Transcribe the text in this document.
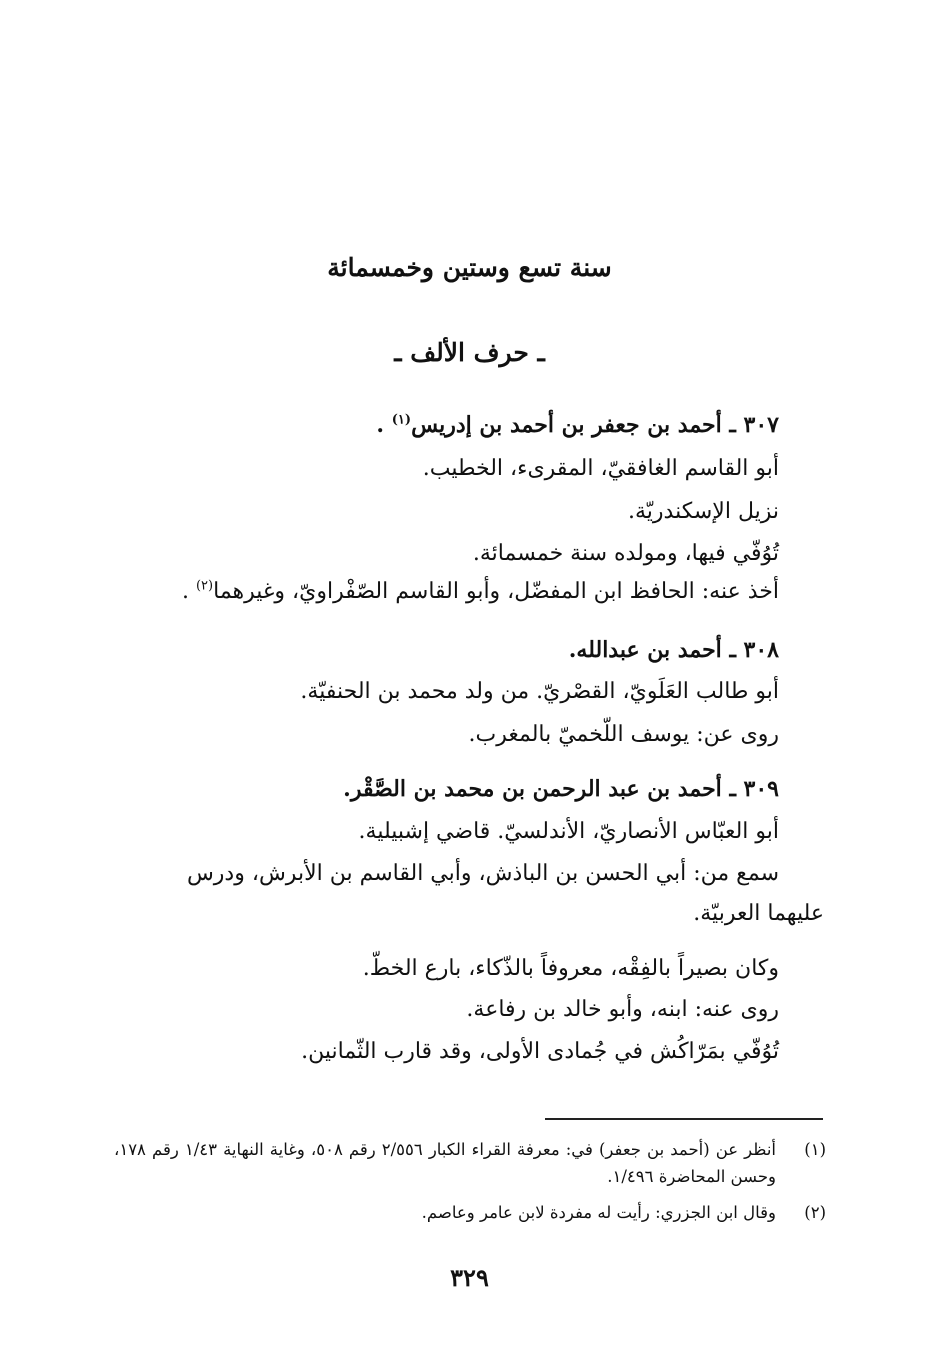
سنة تسع وستين وخمسمائة
ـ حرف الألف ـ
٣٠٧ ـ أحمد بن جعفر بن أحمد بن إدريس$^{(١)}$ .
أبو القاسم الغافقيّ، المقرىء، الخطيب.
نزيل الإسكندريّة.
تُوُفّي فيها، ومولده سنة خمسمائة.
أخذ عنه: الحافظ ابن المفضّل، وأبو القاسم الصّفْراويّ، وغيرهما$^{(٢)}$ .
٣٠٨ ـ أحمد بن عبدالله.
أبو طالب العَلَويّ، القصْريّ. من ولد محمد بن الحنفيّة.
روى عن: يوسف اللّخميّ بالمغرب.
٣٠٩ ـ أحمد بن عبد الرحمن بن محمد بن الصَّقْر.
أبو العبّاس الأنصاريّ، الأندلسيّ. قاضي إشبيلية.
سمع من: أبي الحسن بن الباذش، وأبي القاسم بن الأبرش، ودرس
عليهما العربيّة.
وكان بصيراً بالفِقْه، معروفاً بالذّكاء، بارع الخطّ.
روى عنه: ابنه، وأبو خالد بن رفاعة.
تُوُفّي بمَرّاكُش في جُمادى الأولى، وقد قارب الثّمانين.
(١)
أنظر عن (أحمد بن جعفر) في: معرفة القراء الكبار ٢/٥٥٦ رقم ٥٠٨، وغاية النهاية ١/٤٣ رقم ١٧٨، وحسن المحاضرة ١/٤٩٦.
(٢)
وقال ابن الجزري: رأيت له مفردة لابن عامر وعاصم.
٣٢٩
